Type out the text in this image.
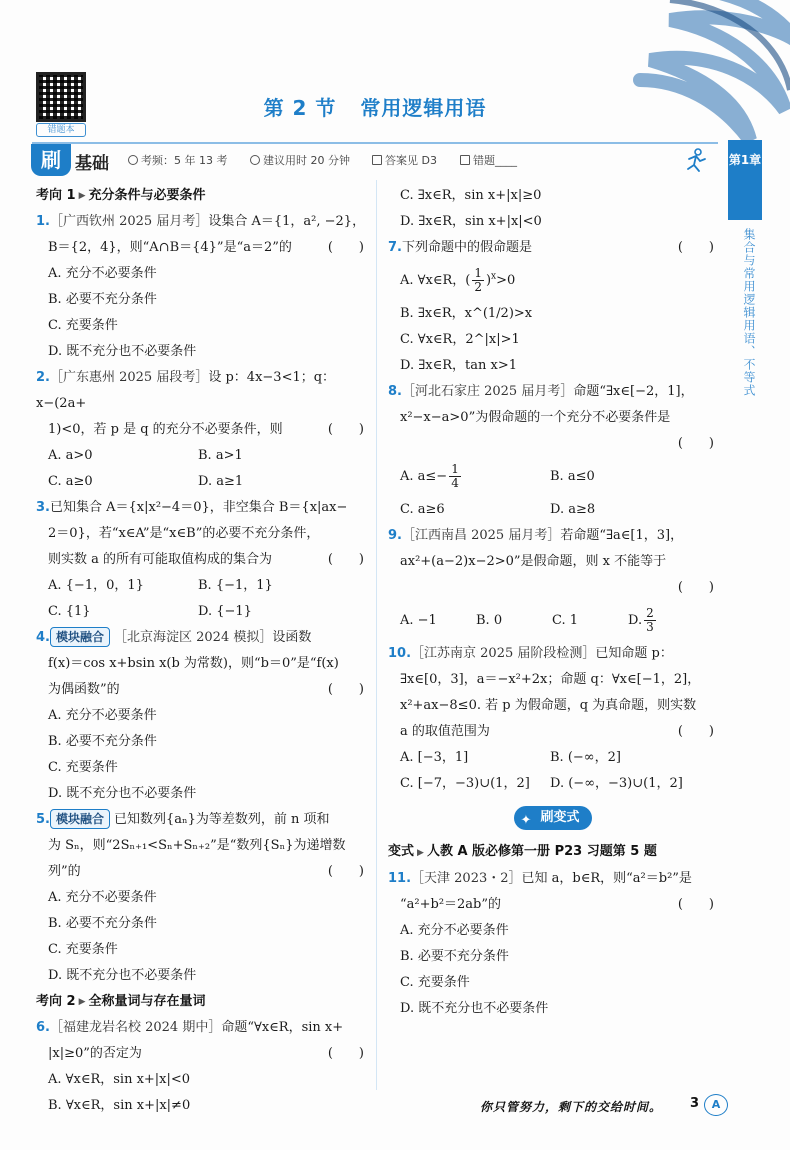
错题本
第 2 节 常用逻辑用语
刷 基础	考频：5 年 13 考	建议用时 20 分钟	答案见 D3	错题____	第1章
集合与常用逻辑用语、不等式
考向 1 ▶ 充分条件与必要条件
1.［广西钦州 2025 届月考］设集合 A＝{1，a², −2}，
B＝{2，4}，则“A∩B＝{4}”是“a＝2”的	(　　)
A. 充分不必要条件
B. 必要不充分条件
C. 充要条件
D. 既不充分也不必要条件
2.［广东惠州 2025 届段考］设 p：4x−3<1；q：x−(2a+
1)<0，若 p 是 q 的充分不必要条件，则	(　　)
A. a>0	B. a>1
C. a≥0	D. a≥1
3.已知集合 A＝{x|x²−4＝0}，非空集合 B＝{x|ax−
2＝0}，若“x∈A”是“x∈B”的必要不充分条件，
则实数 a 的所有可能取值构成的集合为	(　　)
A. {−1，0，1}	B. {−1，1}
C. {1}	D. {−1}
4. 模块融合 ［北京海淀区 2024 模拟］设函数
f(x)＝cos x+bsin x(b 为常数)，则“b＝0”是“f(x)
为偶函数”的	(　　)
A. 充分不必要条件
B. 必要不充分条件
C. 充要条件
D. 既不充分也不必要条件
5. 模块融合 已知数列{aₙ}为等差数列，前 n 项和
为 Sₙ，则“2Sₙ₊₁<Sₙ+Sₙ₊₂”是“数列{Sₙ}为递增数
列”的	(　　)
A. 充分不必要条件
B. 必要不充分条件
C. 充要条件
D. 既不充分也不必要条件
考向 2 ▶ 全称量词与存在量词
6.［福建龙岩名校 2024 期中］命题“∀x∈R，sin x+
|x|≥0”的否定为	(　　)
A. ∀x∈R，sin x+|x|<0
B. ∀x∈R，sin x+|x|≠0
C. ∃x∈R，sin x+|x|≥0
D. ∃x∈R，sin x+|x|<0
7.下列命题中的假命题是	(　　)
A. ∀x∈R，( $\frac{1}{2} )^x>0$
B. ∃x∈R，x^(1/2)>x
C. ∀x∈R，2^|x|>1
D. ∃x∈R，tan x>1
8.［河北石家庄 2025 届月考］命题“∃x∈[−2，1]，
x²−x−a>0”为假命题的一个充分不必要条件是
(　　)
A. $a\le- \frac{1}{4}$	B. a≤0
C. a≥6	D. a≥8
9.［江西南昌 2025 届月考］若命题“∃a∈[1，3]，
ax²+(a−2)x−2>0”是假命题，则 x 不能等于
(　　)
A. −1	B. 0	C. 1	D. $\frac{2}{3}$
10.［江苏南京 2025 届阶段检测］已知命题 p：
∃x∈[0，3]，a＝−x²+2x；命题 q：∀x∈[−1，2]，
x²+ax−8≤0. 若 p 为假命题，q 为真命题，则实数
a 的取值范围为	(　　)
A. [−3，1]	B. (−∞，2]
C. [−7，−3)∪(1，2]	D. (−∞，−3)∪(1，2]
✦ 刷变式
变式 ▶ 人教 A 版必修第一册 P23 习题第 5 题
11.［天津 2023・2］已知 a，b∈R，则“a²＝b²”是
“a²+b²＝2ab”的	(　　)
A. 充分不必要条件
B. 必要不充分条件
C. 充要条件
D. 既不充分也不必要条件
你只管努力，剩下的交给时间。 3	A
